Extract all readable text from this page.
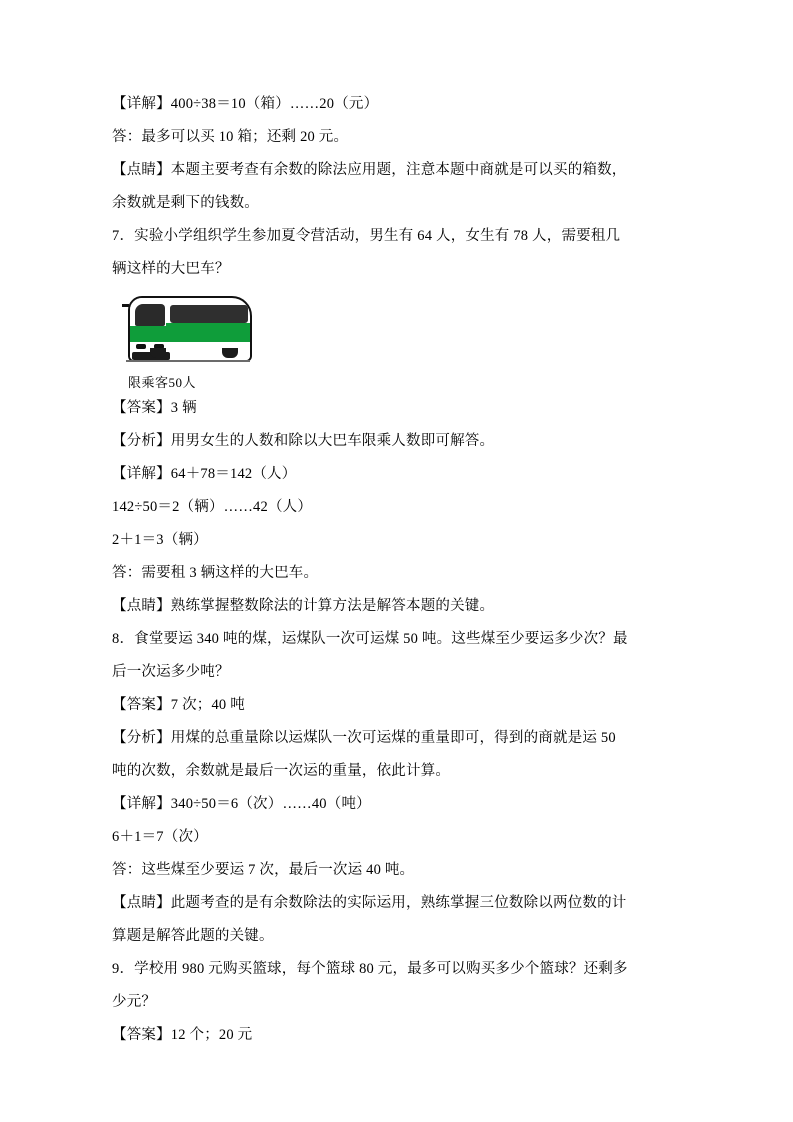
【详解】400÷38＝10（箱）……20（元）
答：最多可以买 10 箱；还剩 20 元。
【点睛】本题主要考查有余数的除法应用题，注意本题中商就是可以买的箱数，
余数就是剩下的钱数。
7．实验小学组织学生参加夏令营活动，男生有 64 人，女生有 78 人，需要租几
辆这样的大巴车？
限乘客50人
【答案】3 辆
【分析】用男女生的人数和除以大巴车限乘人数即可解答。
【详解】64＋78＝142（人）
142÷50＝2（辆）……42（人）
2＋1＝3（辆）
答：需要租 3 辆这样的大巴车。
【点睛】熟练掌握整数除法的计算方法是解答本题的关键。
8．食堂要运 340 吨的煤，运煤队一次可运煤 50 吨。这些煤至少要运多少次？最
后一次运多少吨？
【答案】7 次；40 吨
【分析】用煤的总重量除以运煤队一次可运煤的重量即可，得到的商就是运 50
吨的次数，余数就是最后一次运的重量，依此计算。
【详解】340÷50＝6（次）……40（吨）
6＋1＝7（次）
答：这些煤至少要运 7 次，最后一次运 40 吨。
【点睛】此题考查的是有余数除法的实际运用，熟练掌握三位数除以两位数的计
算题是解答此题的关键。
9．学校用 980 元购买篮球，每个篮球 80 元，最多可以购买多少个篮球？还剩多
少元？
【答案】12 个；20 元
